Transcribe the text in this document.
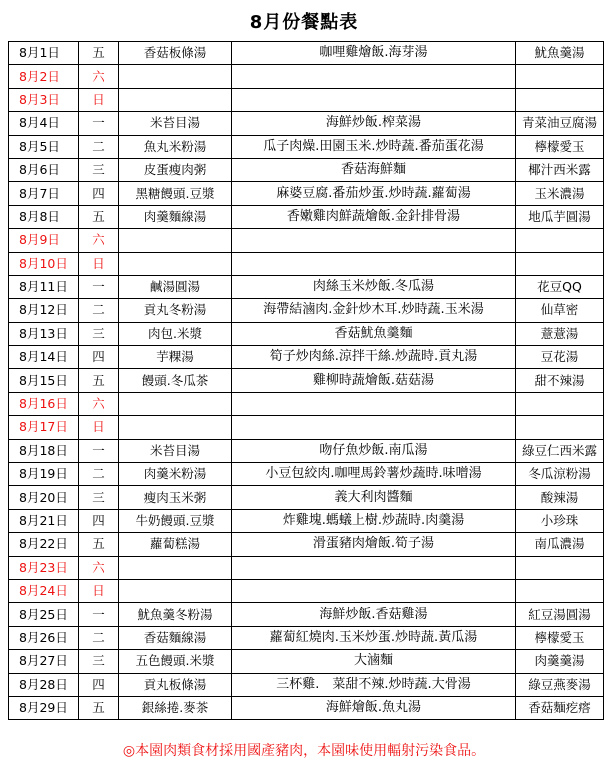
8月份餐點表
8月1日	五	香菇板條湯	咖哩雞燴飯.海芽湯	魷魚羹湯
8月2日	六			
8月3日	日			
8月4日	一	米苔目湯	海鮮炒飯.榨菜湯	青菜油豆腐湯
8月5日	二	魚丸米粉湯	瓜子肉燥.田園玉米.炒時蔬.番茄蛋花湯	檸檬愛玉
8月6日	三	皮蛋瘦肉粥	香菇海鮮麵	椰汁西米露
8月7日	四	黑糖饅頭.豆漿	麻婆豆腐.番茄炒蛋.炒時蔬.蘿蔔湯	玉米濃湯
8月8日	五	肉羹麵線湯	香嫩雞肉鮮蔬燴飯.金針排骨湯	地瓜芋圓湯
8月9日	六			
8月10日	日			
8月11日	一	鹹湯圓湯	肉絲玉米炒飯.冬瓜湯	花豆QQ
8月12日	二	貢丸冬粉湯	海帶結滷肉.金針炒木耳.炒時蔬.玉米湯	仙草密
8月13日	三	肉包.米漿	香菇魷魚羹麵	薏薏湯
8月14日	四	芋粿湯	筍子炒肉絲.涼拌干絲.炒蔬時.貢丸湯	豆花湯
8月15日	五	饅頭.冬瓜茶	雞柳時蔬燴飯.菇菇湯	甜不辣湯
8月16日	六			
8月17日	日			
8月18日	一	米苔目湯	吻仔魚炒飯.南瓜湯	綠豆仁西米露
8月19日	二	肉羹米粉湯	小豆包絞肉.咖哩馬鈴薯炒蔬時.味噌湯	冬瓜涼粉湯
8月20日	三	瘦肉玉米粥	義大利肉醬麵	酸辣湯
8月21日	四	牛奶饅頭.豆漿	炸雞塊.螞蟻上樹.炒蔬時.肉羹湯	小珍珠
8月22日	五	蘿蔔糕湯	滑蛋豬肉燴飯.筍子湯	南瓜濃湯
8月23日	六			
8月24日	日			
8月25日	一	魷魚羹冬粉湯	海鮮炒飯.香菇雞湯	紅豆湯圓湯
8月26日	二	香菇麵線湯	蘿蔔紅燒肉.玉米炒蛋.炒時蔬.黃瓜湯	檸檬愛玉
8月27日	三	五色饅頭.米漿	大滷麵	肉羹羹湯
8月28日	四	貢丸板條湯	三杯雞.　菜甜不辣.炒時蔬.大骨湯	綠豆燕麥湯
8月29日	五	銀絲捲.麥茶	海鮮燴飯.魚丸湯	香菇麵疙瘩
◎本園肉類食材採用國產豬肉，本園味使用輻射污染食品。
